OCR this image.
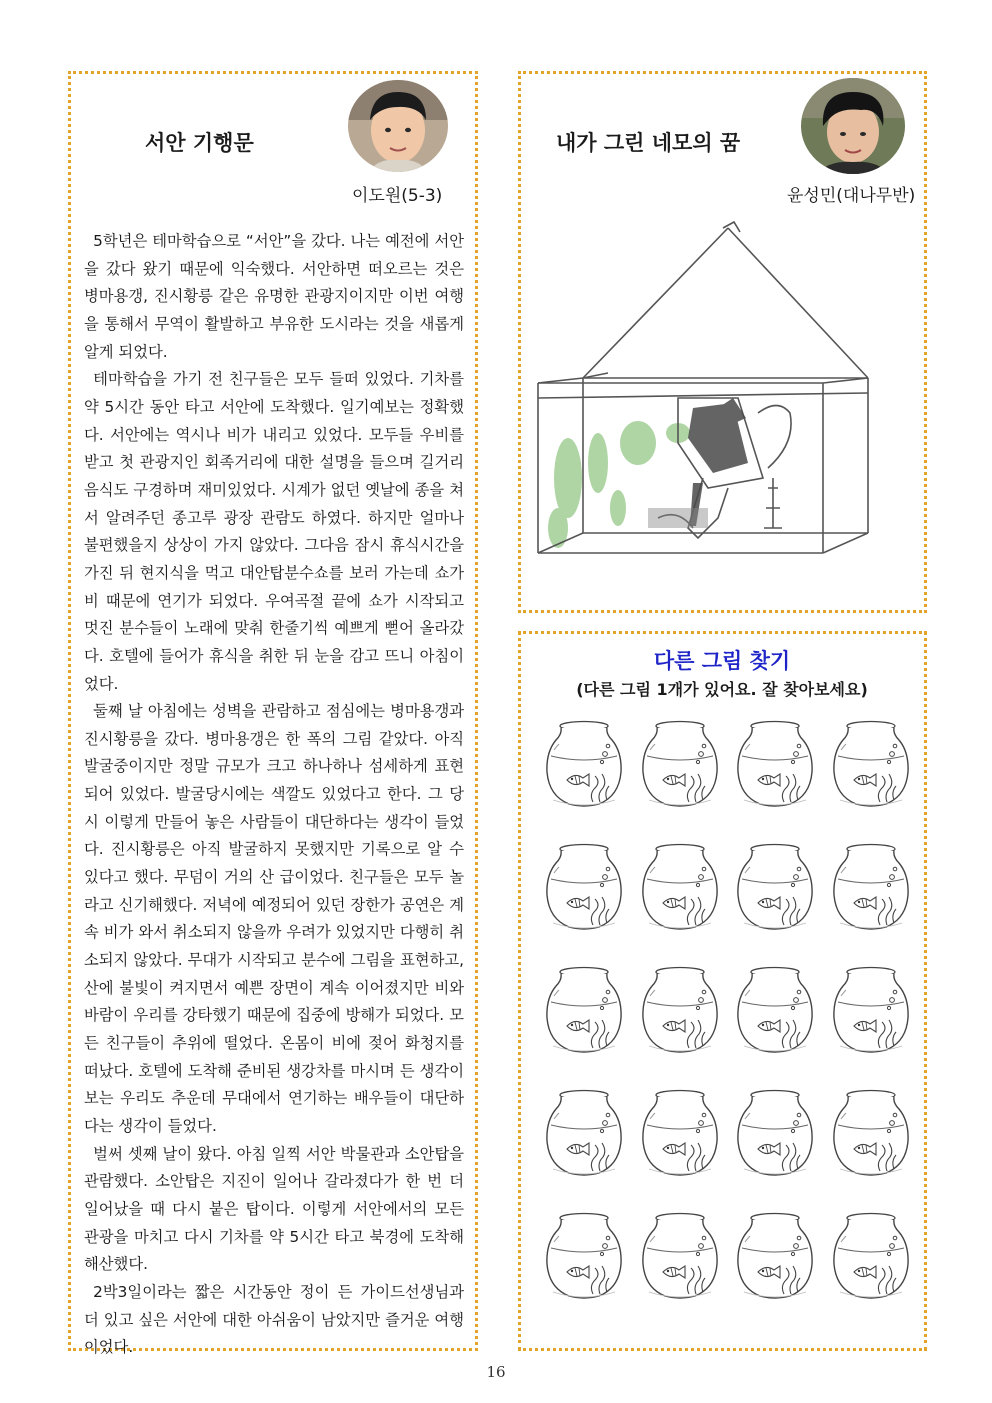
서안 기행문
이도원(5-3)

5학년은 테마학습으로 “서안”을 갔다. 나는 예전에 서안을 갔다 왔기 때문에 익숙했다. 서안하면 떠오르는 것은 병마용갱, 진시황릉 같은 유명한 관광지이지만 이번 여행을 통해서 무역이 활발하고 부유한 도시라는 것을 새롭게 알게 되었다.

테마학습을 가기 전 친구들은 모두 들떠 있었다. 기차를 약 5시간 동안 타고 서안에 도착했다. 일기예보는 정확했다. 서안에는 역시나 비가 내리고 있었다. 모두들 우비를 받고 첫 관광지인 회족거리에 대한 설명을 들으며 길거리 음식도 구경하며 재미있었다. 시계가 없던 옛날에 종을 쳐서 알려주던 종고루 광장 관람도 하였다. 하지만 얼마나 불편했을지 상상이 가지 않았다. 그다음 잠시 휴식시간을 가진 뒤 현지식을 먹고 대안탑분수쇼를 보러 가는데 쇼가 비 때문에 연기가 되었다. 우여곡절 끝에 쇼가 시작되고 멋진 분수들이 노래에 맞춰 한줄기씩 예쁘게 뻗어 올라갔다. 호텔에 들어가 휴식을 취한 뒤 눈을 감고 뜨니 아침이었다.

둘째 날 아침에는 성벽을 관람하고 점심에는 병마용갱과 진시황릉을 갔다. 병마용갱은 한 폭의 그림 같았다. 아직 발굴중이지만 정말 규모가 크고 하나하나 섬세하게 표현되어 있었다. 발굴당시에는 색깔도 있었다고 한다. 그 당시 이렇게 만들어 놓은 사람들이 대단하다는 생각이 들었다. 진시황릉은 아직 발굴하지 못했지만 기록으로 알 수 있다고 했다. 무덤이 거의 산 급이었다. 친구들은 모두 놀라고 신기해했다. 저녁에 예정되어 있던 장한가 공연은 계속 비가 와서 취소되지 않을까 우려가 있었지만 다행히 취소되지 않았다. 무대가 시작되고 분수에 그림을 표현하고, 산에 불빛이 켜지면서 예쁜 장면이 계속 이어졌지만 비와 바람이 우리를 강타했기 때문에 집중에 방해가 되었다. 모든 친구들이 추위에 떨었다. 온몸이 비에 젖어 화청지를 떠났다. 호텔에 도착해 준비된 생강차를 마시며 든 생각이 보는 우리도 추운데 무대에서 연기하는 배우들이 대단하다는 생각이 들었다.

벌써 셋째 날이 왔다. 아침 일찍 서안 박물관과 소안탑을 관람했다. 소안탑은 지진이 일어나 갈라졌다가 한 번 더 일어났을 때 다시 붙은 탑이다. 이렇게 서안에서의 모든 관광을 마치고 다시 기차를 약 5시간 타고 북경에 도착해 해산했다.

2박3일이라는 짧은 시간동안 정이 든 가이드선생님과 더 있고 싶은 서안에 대한 아쉬움이 남았지만 즐거운 여행이었다.

내가 그린 네모의 꿈
윤성민(대나무반)
다른 그림 찾기
(다른 그림 1개가 있어요. 잘 찾아보세요)
16
